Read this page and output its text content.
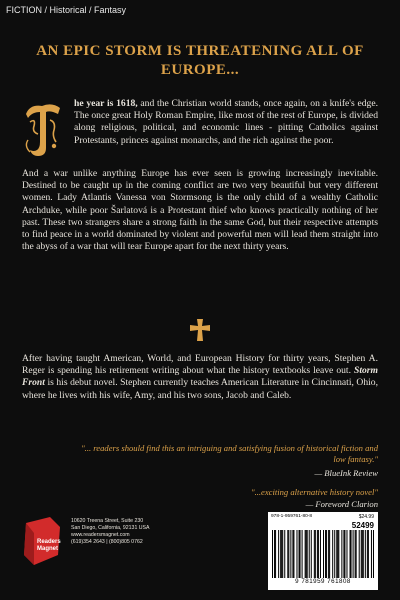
FICTION / Historical / Fantasy
AN EPIC STORM IS THREATENING ALL OF EUROPE...
he year is 1618, and the Christian world stands, once again, on a knife's edge. The once great Holy Roman Empire, like most of the rest of Europe, is divided along religious, political, and economic lines - pitting Catholics against Protestants, princes against monarchs, and the rich against the poor.
And a war unlike anything Europe has ever seen is growing increasingly inevitable. Destined to be caught up in the coming conflict are two very beautiful but very different women. Lady Atlantis Vanessa von Stormsong is the only child of a wealthy Catholic Archduke, while poor Šarlatová is a Protestant thief who knows practically nothing of her past. These two strangers share a strong faith in the same God, but their respective attempts to find peace in a world dominated by violent and powerful men will lead them straight into the abyss of a war that will tear Europe apart for the next thirty years.
After having taught American, World, and European History for thirty years, Stephen A. Reger is spending his retirement writing about what the history textbooks leave out. Storm Front is his debut novel. Stephen currently teaches American Literature in Cincinnati, Ohio, where he lives with his wife, Amy, and his two sons, Jacob and Caleb.
"... readers should find this an intriguing and satisfying fusion of historical fiction and low fantasy."
— BlueInk Review
"...exciting alternative history novel"
— Foreword Clarion
Readers
Magnet
10620 Treena Street, Suite 230
San Diego, California, 92131 USA
www.readersmagnet.com
(619)354 2643 | (800)805 0762
978-1-959761-80-8	$24.99
52499
9 781959 761808
